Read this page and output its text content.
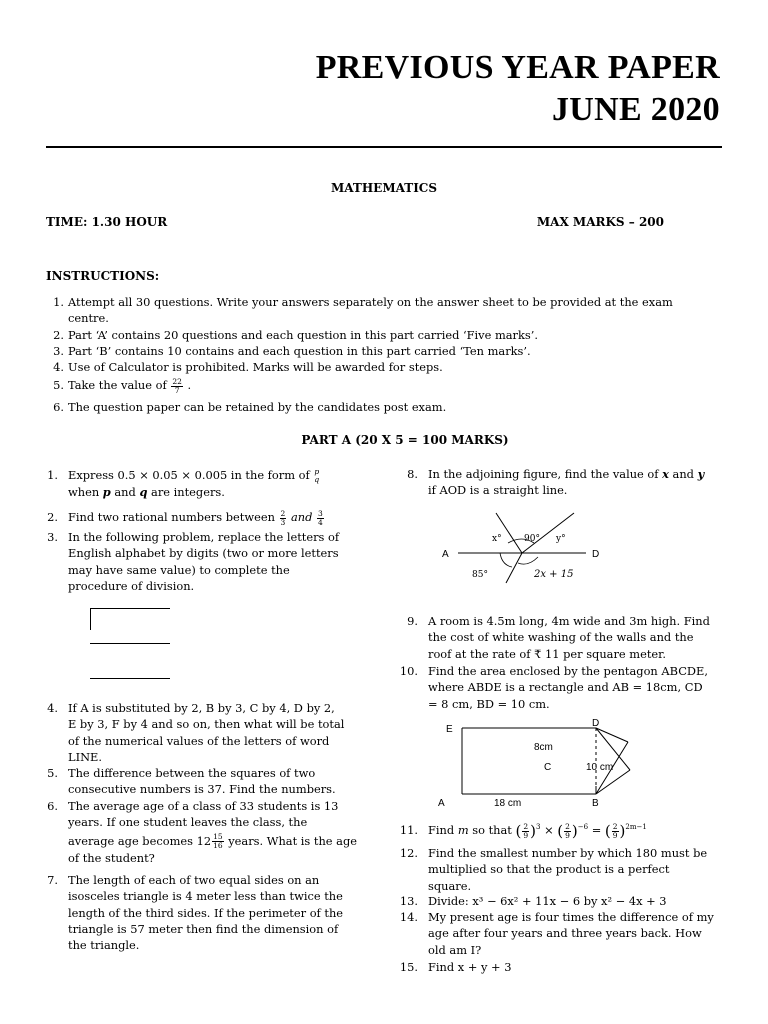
PREVIOUS YEAR PAPER
JUNE 2020
MATHEMATICS
TIME: 1.30 HOUR	MAX MARKS – 200
INSTRUCTIONS:
1. Attempt all 30 questions. Write your answers separately on the answer sheet to be provided at the exam
centre.
2. Part ‘A’ contains 20 questions and each question in this part carried ‘Five marks’.
3. Part ‘B’ contains 10 contains and each question in this part carried ‘Ten marks’.
4. Use of Calculator is prohibited. Marks will be awarded for steps.
5. Take the value of $\frac{22}{7}$ .
6. The question paper can be retained by the candidates post exam.
PART A (20 X 5 = 100 MARKS)
1. Express 0.5 × 0.05 × 0.005 in the form of p
q

when p and q are integers.
2. Find two rational numbers between $\frac{2}{3}$ and $\frac{3}{4}$
3. In the following problem, replace the letters of
English alphabet by digits (two or more letters
may have same value) to complete the
procedure of division.
4. If A is substituted by 2, B by 3, C by 4, D by 2,
E by 3, F by 4 and so on, then what will be total
of the numerical values of the letters of word
LINE.
5. The difference between the squares of two
consecutive numbers is 37. Find the numbers.
6. The average age of a class of 33 students is 13
years. If one student leaves the class, the
average age becomes $12 \frac{15}{16}$ years. What is the age
of the student?
7. The length of each of two equal sides on an
isosceles triangle is 4 meter less than twice the
length of the third sides. If the perimeter of the
triangle is 57 meter then find the dimension of
the triangle.
8. In the adjoining figure, find the value of x and y
if AOD is a straight line.
A	D
x° 90° y°
85°	2x + 15
9. A room is 4.5m long, 4m wide and 3m high. Find
the cost of white washing of the walls and the
roof at the rate of ₹ 11 per square meter.
10. Find the area enclosed by the pentagon ABCDE,
where ABDE is a rectangle and AB = 18cm, CD
= 8 cm, BD = 10 cm.
E
D
A	B
C
8cm
10 cm
18 cm
11. Find m so that ( $\frac{2}{9} )^3$ × ( $\frac{2}{9} )^{-6}$ = ( $\frac{2}{9} )^{2m-1}$
12. Find the smallest number by which 180 must be
multiplied so that the product is a perfect
square.
13. Divide: x³ − 6x² + 11x − 6 by x² − 4x + 3
14. My present age is four times the difference of my
age after four years and three years back. How
old am I?
15. Find x + y + 3
